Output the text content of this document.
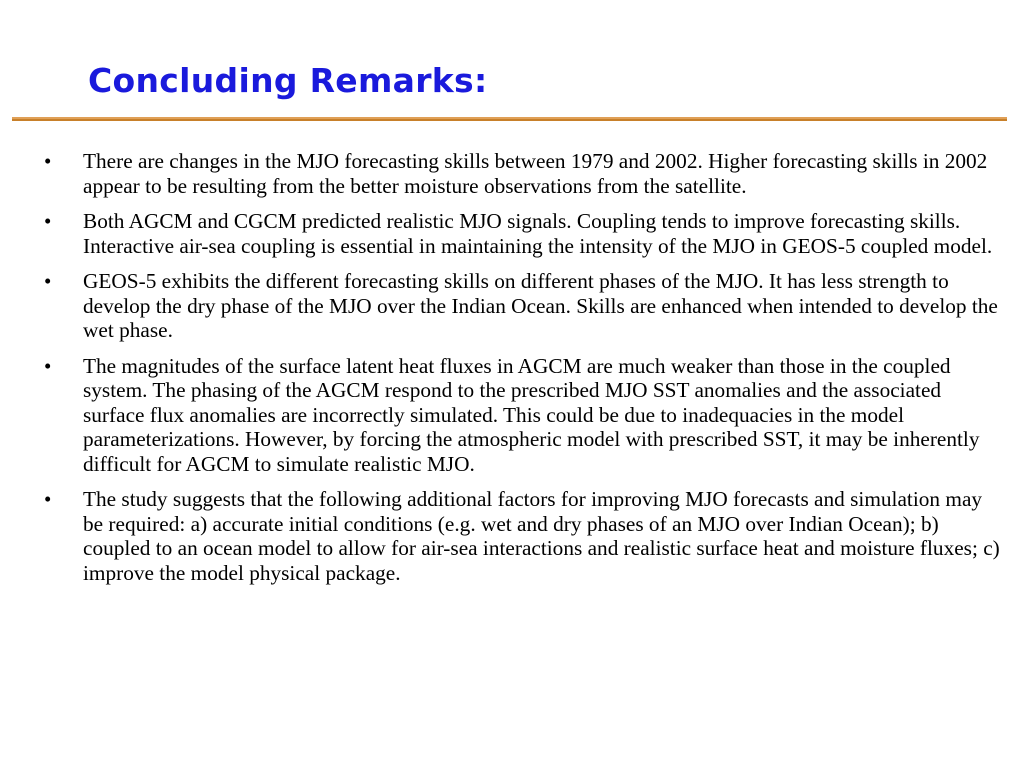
Concluding Remarks:
• There are changes in the MJO forecasting skills between 1979 and 2002. Higher forecasting skills in 2002 appear to be resulting from the better moisture observations from the satellite.
• Both AGCM and CGCM predicted realistic MJO signals. Coupling tends to improve forecasting skills. Interactive air-sea coupling is essential in maintaining the intensity of the MJO in GEOS-5 coupled model.
• GEOS-5 exhibits the different forecasting skills on different phases of the MJO. It has less strength to develop the dry phase of the MJO over the Indian Ocean. Skills are enhanced when intended to develop the wet phase.
• The magnitudes of the surface latent heat fluxes in AGCM are much weaker than those in the coupled system. The phasing of the AGCM respond to the prescribed MJO SST anomalies and the associated surface flux anomalies are incorrectly simulated. This could be due to inadequacies in the model parameterizations. However, by forcing the atmospheric model with prescribed SST, it may be inherently difficult for AGCM to simulate realistic MJO.
• The study suggests that the following additional factors for improving MJO forecasts and simulation may be required: a) accurate initial conditions (e.g. wet and dry phases of an MJO over Indian Ocean); b) coupled to an ocean model to allow for air-sea interactions and realistic surface heat and moisture fluxes; c) improve the model physical package.
